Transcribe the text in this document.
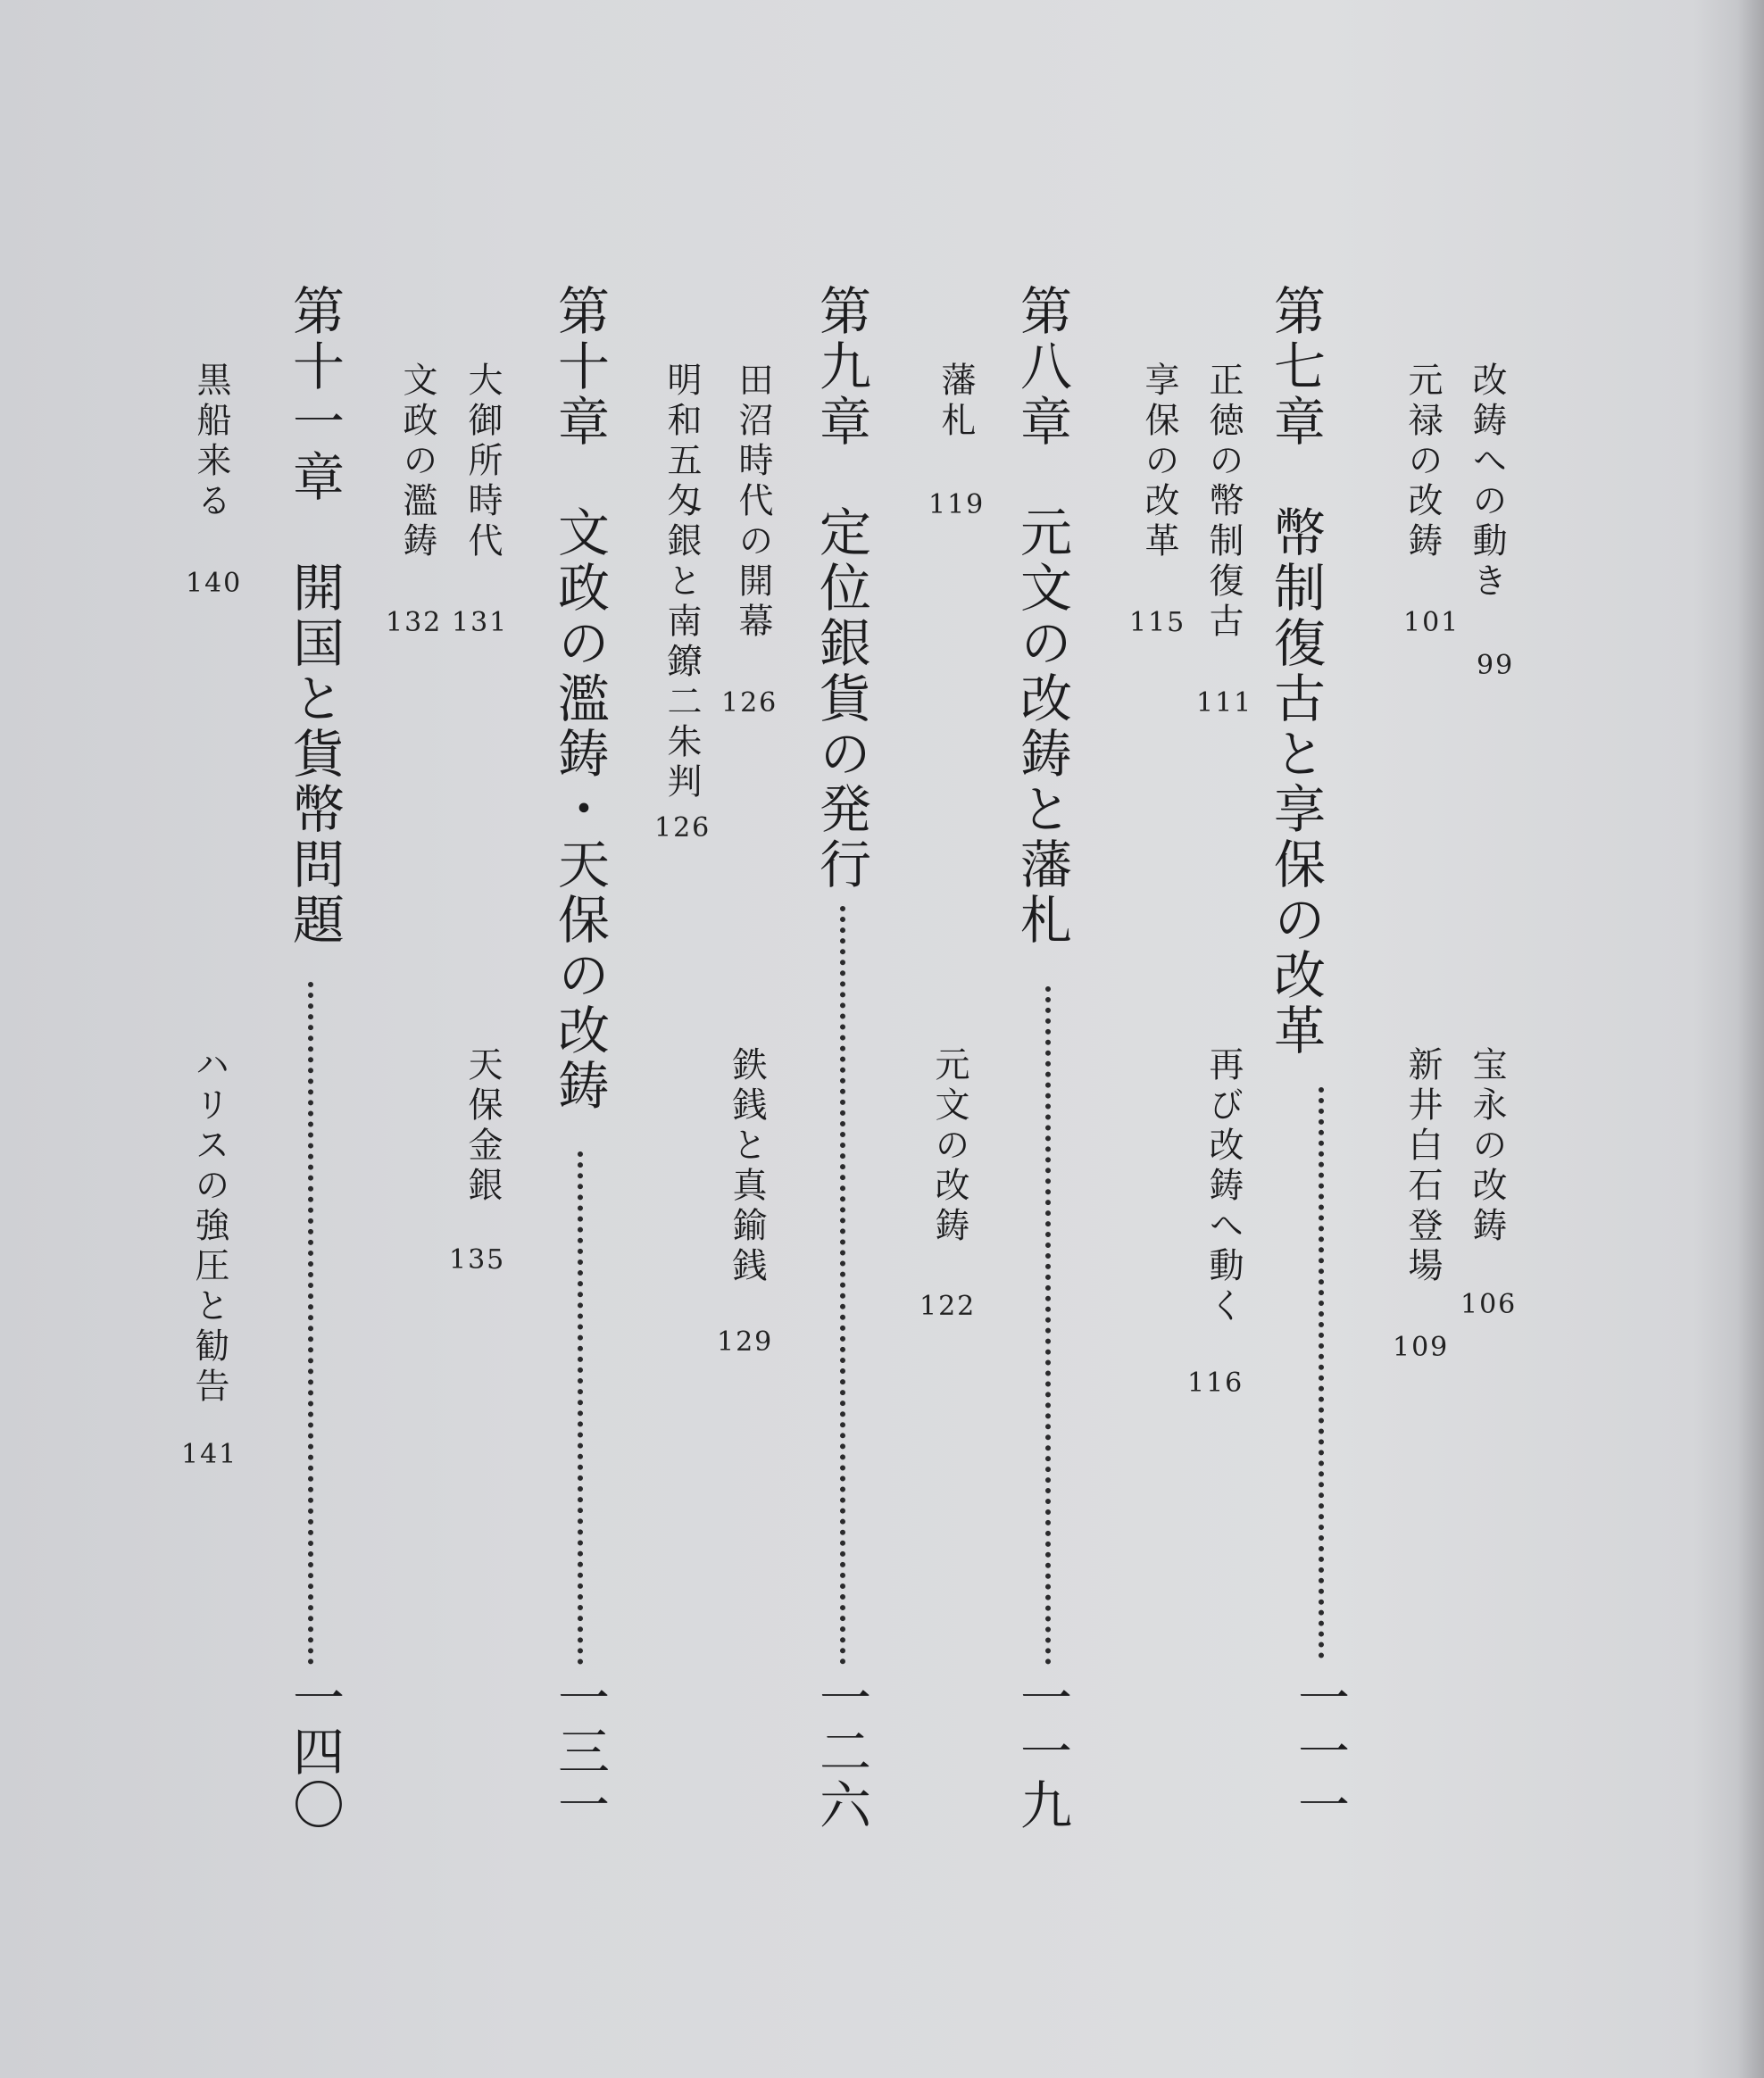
第七章　幣制復古と享保の改革
一一一
改鋳への動き
99
元禄の改鋳
101
正徳の幣制復古
111
享保の改革
115
宝永の改鋳
106
新井白石登場
109
再び改鋳へ動く
116
第八章　元文の改鋳と藩札
一一九
藩札
119
元文の改鋳
122
第九章　定位銀貨の発行
一二六
田沼時代の開幕
126
明和五匁銀と南鐐二朱判
126
鉄銭と真鍮銭
129
第十章　文政の濫鋳・天保の改鋳
一三一
大御所時代
131
文政の濫鋳
132
天保金銀
135
第十一章　開国と貨幣問題
一四〇
黒船来る
140
ハリスの強圧と勧告
141
